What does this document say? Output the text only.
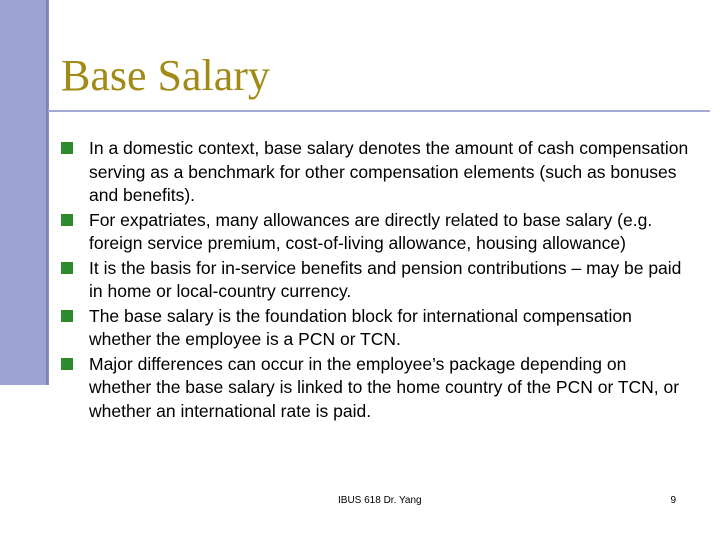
Base Salary
In a domestic context, base salary denotes the amount of cash compensation serving as a benchmark for other compensation elements (such as bonuses and benefits).
For expatriates, many allowances are directly related to base salary (e.g. foreign service premium, cost-of-living allowance, housing allowance)
It is the basis for in-service benefits and pension contributions – may be paid in home or local-country currency.
The base salary is the foundation block for international compensation whether the employee is a PCN or TCN.
Major differences can occur in the employee’s package depending on whether the base salary is linked to the home country of the PCN or TCN, or whether an international rate is paid.
IBUS 618 Dr. Yang	9
